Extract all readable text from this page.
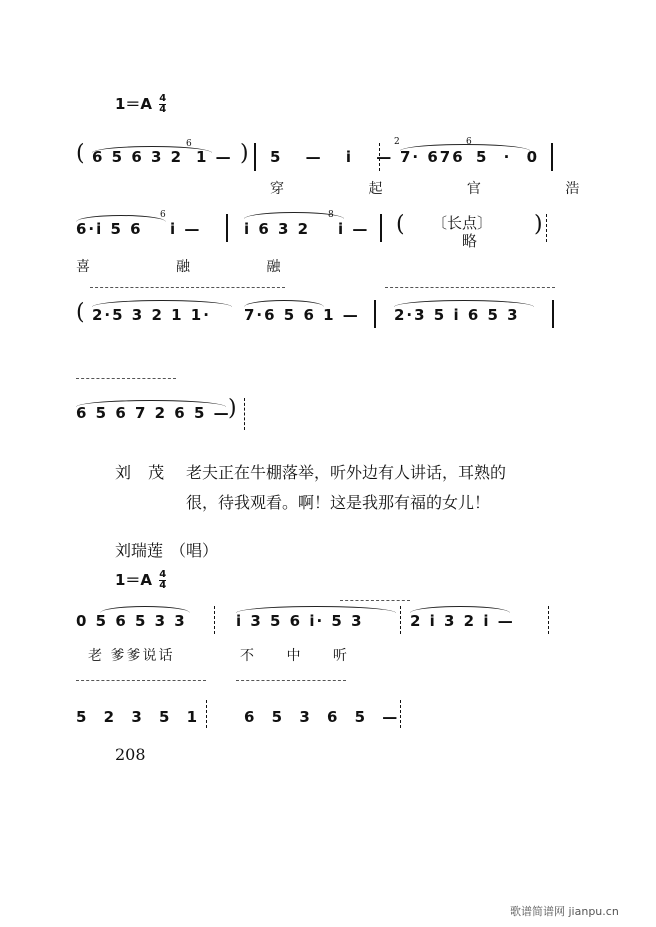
$1=A \frac{4}{4}$
( 6 5 6 3 2
6
1 — ) 5 — i —
2
7· 676
6
5 · 0
穿 起 官 浩
6·i 5 6
6
i —	i 6 3 2
8
i — ( 〔长点〕
略
)
喜	融 融
( 2·5 3 2 1 1· 7·6 5 6 1 — 2·3 5 i 6 5 3
6 5 6 7 2 6 5 —
)
刘 茂 老夫正在牛棚落举，听外边有人讲话，耳熟的
很，待我观看。啊！这是我那有福的女儿！
刘瑞莲 （唱）
$1=A \frac{4}{4}$
0 5 6 5 3 3	i 3 5 6 i· 5 3	2 i 3 2 i —
老 爹爹说话	不 中 听
5 2 3 5 1	6 5 3 6 5 —
208
歌谱简谱网 jianpu.cn
